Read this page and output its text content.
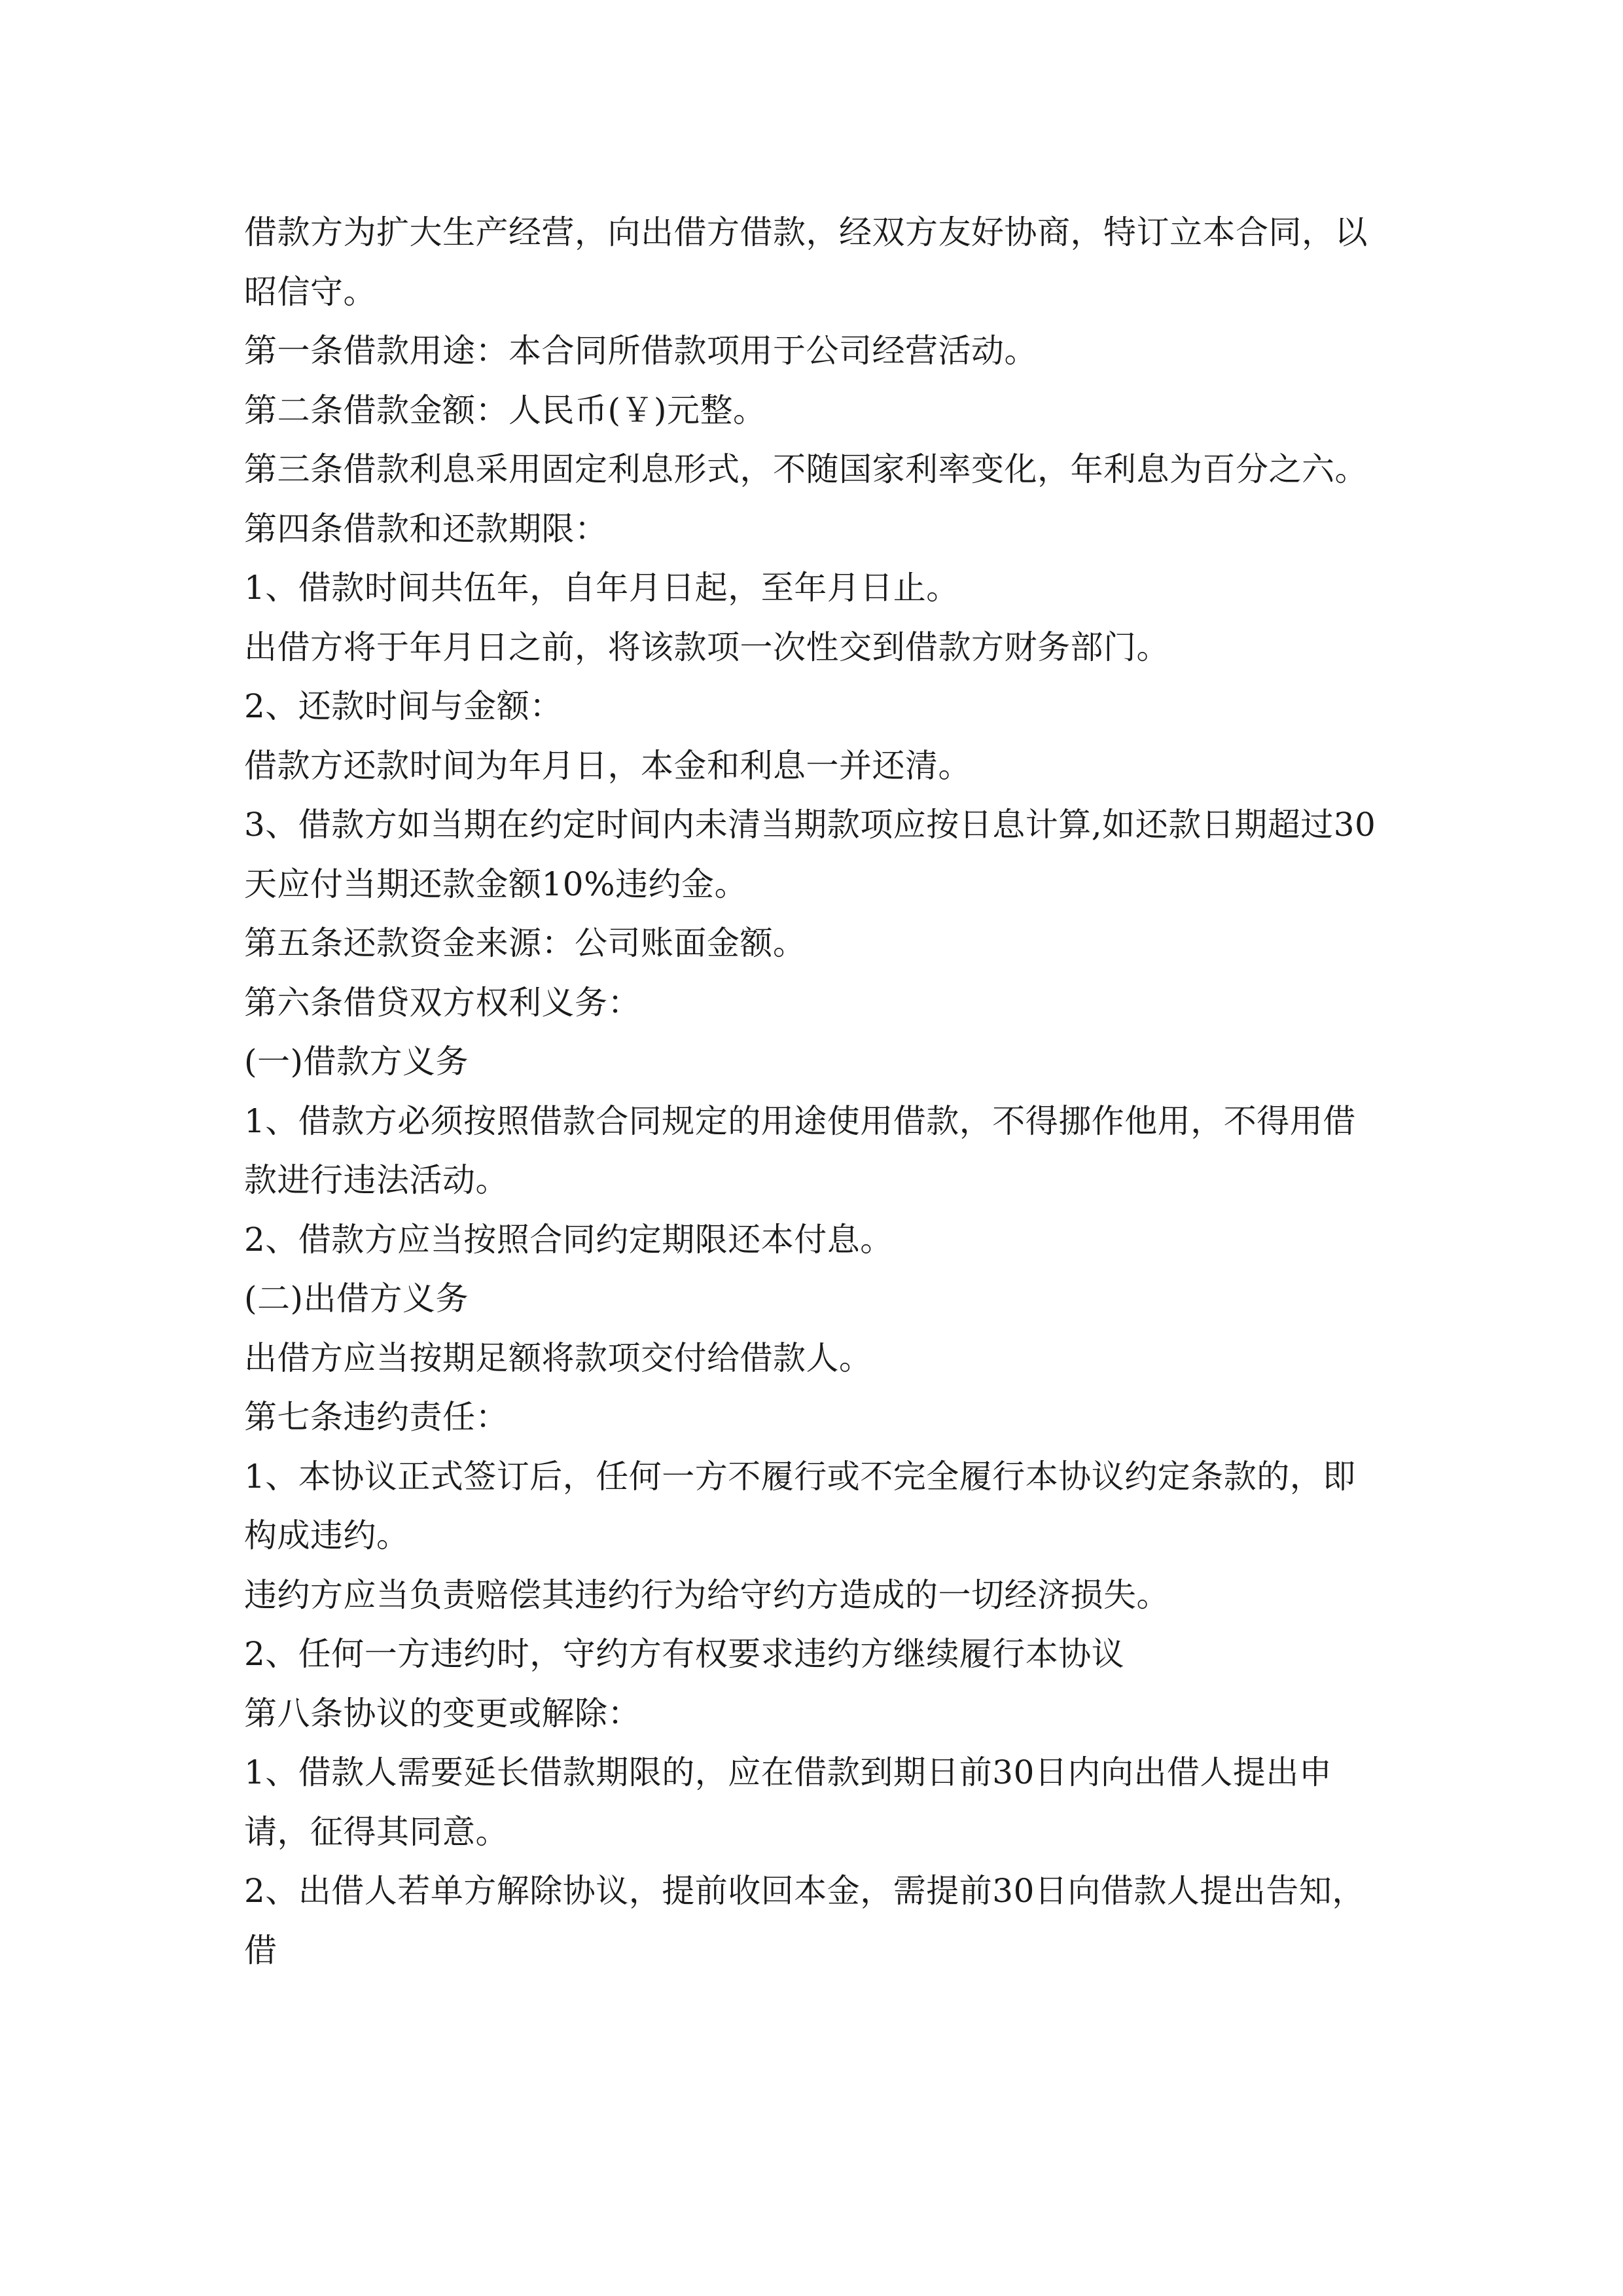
借款方为扩大生产经营，向出借方借款，经双方友好协商，特订立本合同，以昭信守。

第一条借款用途：本合同所借款项用于公司经营活动。

第二条借款金额：人民币(￥)元整。

第三条借款利息采用固定利息形式，不随国家利率变化，年利息为百分之六。

第四条借款和还款期限：

1、借款时间共伍年，自年月日起，至年月日止。

出借方将于年月日之前，将该款项一次性交到借款方财务部门。

2、还款时间与金额：

借款方还款时间为年月日，本金和利息一并还清。

3、借款方如当期在约定时间内未清当期款项应按日息计算,如还款日期超过30天应付当期还款金额10%违约金。

第五条还款资金来源：公司账面金额。

第六条借贷双方权利义务：

(一)借款方义务

1、借款方必须按照借款合同规定的用途使用借款，不得挪作他用，不得用借款进行违法活动。

2、借款方应当按照合同约定期限还本付息。

(二)出借方义务

出借方应当按期足额将款项交付给借款人。

第七条违约责任：

1、本协议正式签订后，任何一方不履行或不完全履行本协议约定条款的，即构成违约。

违约方应当负责赔偿其违约行为给守约方造成的一切经济损失。

2、任何一方违约时，守约方有权要求违约方继续履行本协议

第八条协议的变更或解除：

1、借款人需要延长借款期限的，应在借款到期日前30日内向出借人提出申请，征得其同意。

2、出借人若单方解除协议，提前收回本金，需提前30日向借款人提出告知，借
